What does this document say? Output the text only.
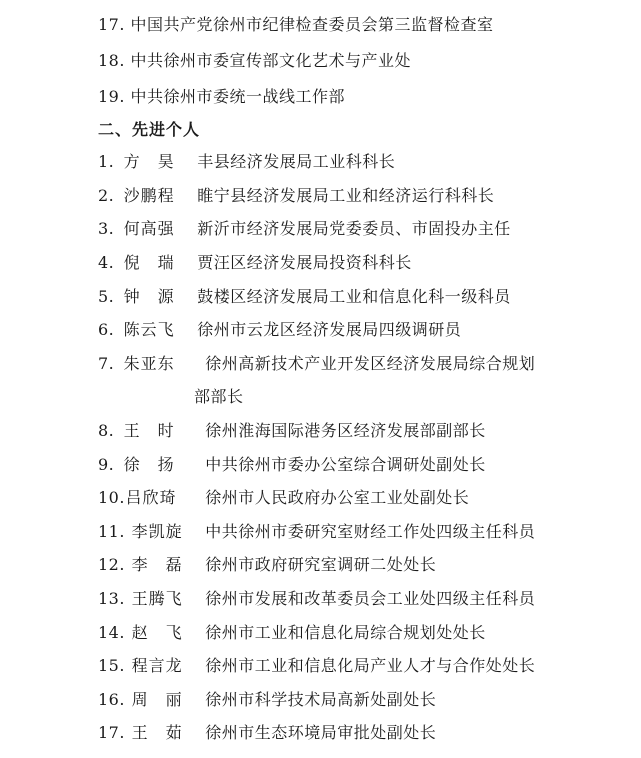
17. 中国共产党徐州市纪律检查委员会第三监督检查室
18. 中共徐州市委宣传部文化艺术与产业处
19. 中共徐州市委统一战线工作部
二、先进个人
1. 方　昊 丰县经济发展局工业科科长
2. 沙鹏程 睢宁县经济发展局工业和经济运行科科长
3. 何高强 新沂市经济发展局党委委员、市固投办主任
4. 倪　瑞 贾汪区经济发展局投资科科长
5. 钟　源 鼓楼区经济发展局工业和信息化科一级科员
6. 陈云飞 徐州市云龙区经济发展局四级调研员
7. 朱亚东 徐州高新技术产业开发区经济发展局综合规划
部部长
8. 王　时 徐州淮海国际港务区经济发展部副部长
9. 徐　扬 中共徐州市委办公室综合调研处副处长
10. 吕欣琦 徐州市人民政府办公室工业处副处长
11. 李凯旋 中共徐州市委研究室财经工作处四级主任科员
12. 李　磊 徐州市政府研究室调研二处处长
13. 王腾飞 徐州市发展和改革委员会工业处四级主任科员
14. 赵　飞 徐州市工业和信息化局综合规划处处长
15. 程言龙 徐州市工业和信息化局产业人才与合作处处长
16. 周　丽 徐州市科学技术局高新处副处长
17. 王　茹 徐州市生态环境局审批处副处长
